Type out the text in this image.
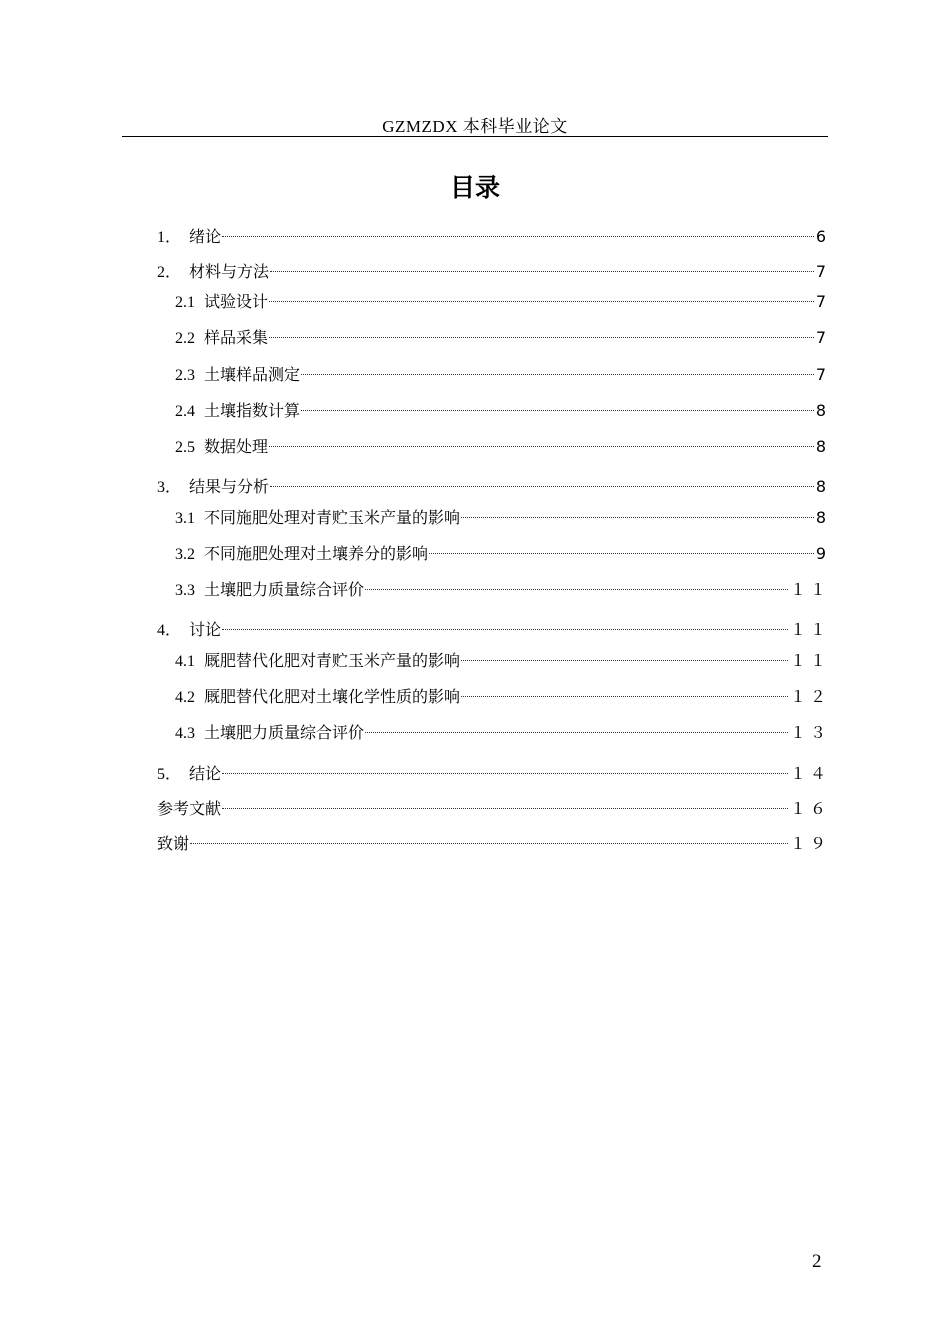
GZMZDX 本科毕业论文
目录
1． 绪论	6
2． 材料与方法	7
2.1 试验设计	7
2.2 样品采集	7
2.3 土壤样品测定	7
2.4 土壤指数计算	8
2.5 数据处理	8
3． 结果与分析	8
3.1 不同施肥处理对青贮玉米产量的影响	8
3.2 不同施肥处理对土壤养分的影响	9
3.3 土壤肥力质量综合评价	１１
4． 讨论	１１
4.1 厩肥替代化肥对青贮玉米产量的影响	１１
4.2 厩肥替代化肥对土壤化学性质的影响	１２
4.3 土壤肥力质量综合评价	１３
5． 结论	１４
参考文献	１６
致谢	１９
2
